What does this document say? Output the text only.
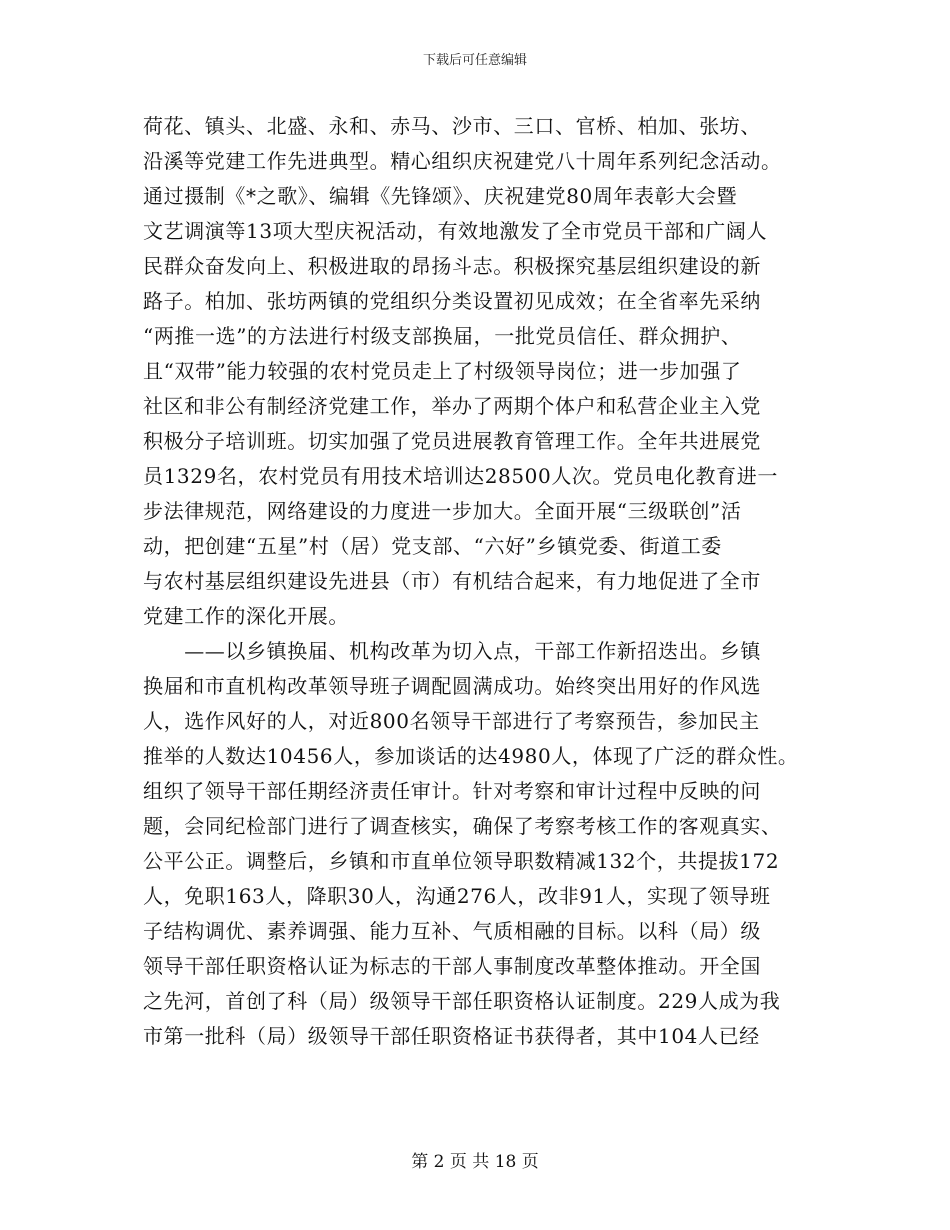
下载后可任意编辑
荷花、镇头、北盛、永和、赤马、沙市、三口、官桥、柏加、张坊、
沿溪等党建工作先进典型。精心组织庆祝建党八十周年系列纪念活动。
通过摄制《*之歌》、编辑《先锋颂》、庆祝建党80周年表彰大会暨
文艺调演等13项大型庆祝活动，有效地激发了全市党员干部和广阔人
民群众奋发向上、积极进取的昂扬斗志。积极探究基层组织建设的新
路子。柏加、张坊两镇的党组织分类设置初见成效；在全省率先采纳
“两推一选”的方法进行村级支部换届，一批党员信任、群众拥护、
且“双带”能力较强的农村党员走上了村级领导岗位；进一步加强了
社区和非公有制经济党建工作，举办了两期个体户和私营企业主入党
积极分子培训班。切实加强了党员进展教育管理工作。全年共进展党
员1329名，农村党员有用技术培训达28500人次。党员电化教育进一
步法律规范，网络建设的力度进一步加大。全面开展“三级联创”活
动，把创建“五星”村（居）党支部、“六好”乡镇党委、街道工委
与农村基层组织建设先进县（市）有机结合起来，有力地促进了全市
党建工作的深化开展。
　　——以乡镇换届、机构改革为切入点，干部工作新招迭出。乡镇
换届和市直机构改革领导班子调配圆满成功。始终突出用好的作风选
人，选作风好的人，对近800名领导干部进行了考察预告，参加民主
推举的人数达10456人，参加谈话的达4980人，体现了广泛的群众性。
组织了领导干部任期经济责任审计。针对考察和审计过程中反映的问
题，会同纪检部门进行了调查核实，确保了考察考核工作的客观真实、
公平公正。调整后，乡镇和市直单位领导职数精减132个，共提拔172
人，免职163人，降职30人，沟通276人，改非91人，实现了领导班
子结构调优、素养调强、能力互补、气质相融的目标。以科（局）级
领导干部任职资格认证为标志的干部人事制度改革整体推动。开全国
之先河，首创了科（局）级领导干部任职资格认证制度。229人成为我
市第一批科（局）级领导干部任职资格证书获得者，其中104人已经
第 2 页 共 18 页
